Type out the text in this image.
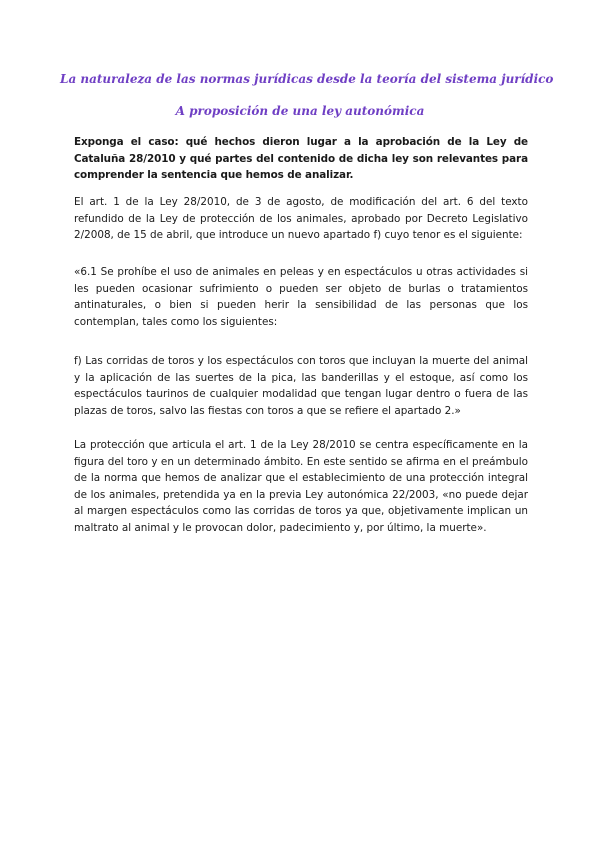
La naturaleza de las normas jurídicas desde la teoría del sistema jurídico
A proposición de una ley autonómica

Exponga el caso: qué hechos dieron lugar a la aprobación de la Ley de Cataluña 28/2010 y qué partes del contenido de dicha ley son relevantes para comprender la sentencia que hemos de analizar.

El art. 1 de la Ley 28/2010, de 3 de agosto, de modificación del art. 6 del texto refundido de la Ley de protección de los animales, aprobado por Decreto Legislativo 2/2008, de 15 de abril, que introduce un nuevo apartado f) cuyo tenor es el siguiente:

«6.1 Se prohíbe el uso de animales en peleas y en espectáculos u otras actividades si les pueden ocasionar sufrimiento o pueden ser objeto de burlas o tratamientos antinaturales, o bien si pueden herir la sensibilidad de las personas que los contemplan, tales como los siguientes:

f) Las corridas de toros y los espectáculos con toros que incluyan la muerte del animal y la aplicación de las suertes de la pica, las banderillas y el estoque, así como los espectáculos taurinos de cualquier modalidad que tengan lugar dentro o fuera de las plazas de toros, salvo las fiestas con toros a que se refiere el apartado 2.»

La protección que articula el art. 1 de la Ley 28/2010 se centra específicamente en la figura del toro y en un determinado ámbito. En este sentido se afirma en el preámbulo de la norma que hemos de analizar que el establecimiento de una protección integral de los animales, pretendida ya en la previa Ley autonómica 22/2003, «no puede dejar al margen espectáculos como las corridas de toros ya que, objetivamente implican un maltrato al animal y le provocan dolor, padecimiento y, por último, la muerte».
